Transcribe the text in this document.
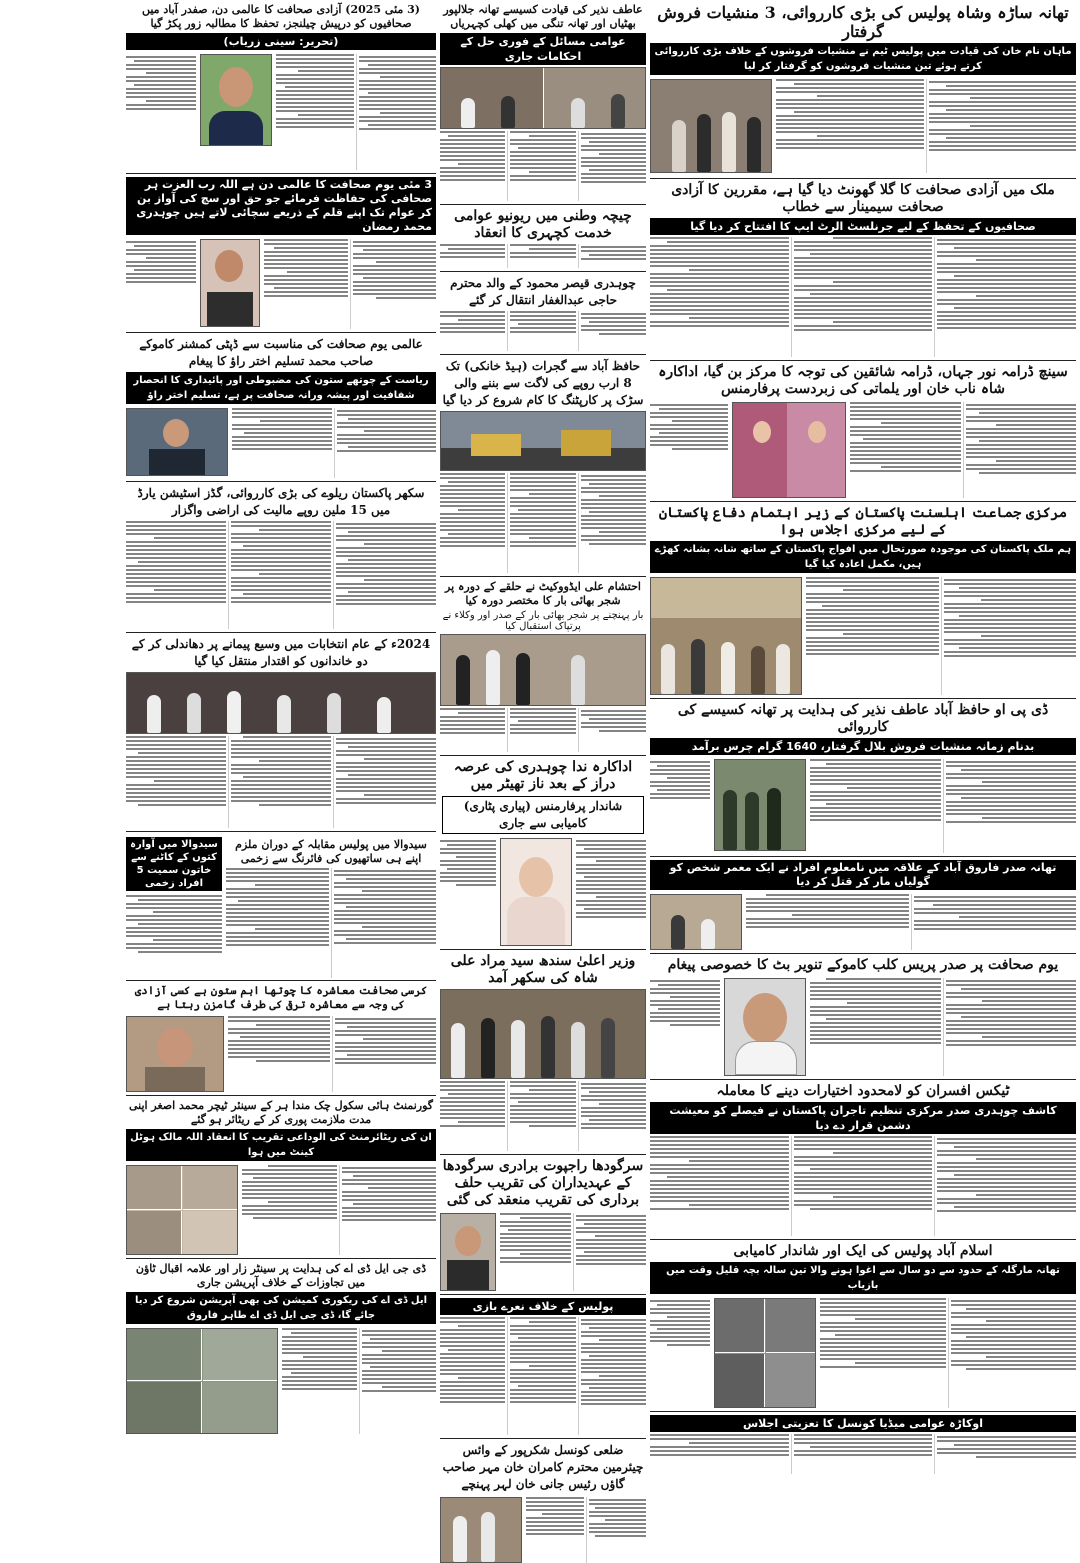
تھانہ ساڑہ وشاہ پولیس کی بڑی کارروائی، 3 منشیات فروش گرفتار
ماہان نام خان کی قیادت میں پولیس ٹیم نے منشیات فروشوں کے خلاف بڑی کارروائی کرتے ہوئے تین منشیات فروشوں کو گرفتار کر لیا
ملک میں آزادی صحافت کا گلا گھونٹ دیا گیا ہے، مقررین کا آزادی صحافت سیمینار سے خطاب
صحافیوں کے تحفظ کے لیے جرنلسٹ الرٹ ایپ کا افتتاح کر دیا گیا
سینچ ڈرامہ نور جہاں، ڈرامہ شائقین کی توجہ کا مرکز بن گیا، اداکارہ شاہ ناب خان اور یلماتی کی زبردست پرفارمنس
مرکزی جماعت اہلسنت پاکستان کے زیر اہتمام دفاع پاکستان کے لیے مرکزی اجلاس ہوا
ہم ملک پاکستان کی موجودہ صورتحال میں افواج پاکستان کے ساتھ شانہ بشانہ کھڑے ہیں، مکمل اعادہ کیا گیا
ڈی پی او حافظ آباد عاطف نذیر کی ہدایت پر تھانہ کسیسے کی کارروائی
بدنام زمانہ منشیات فروش بلال گرفتار، 1640 گرام چرس برآمد
تھانہ صدر فاروق آباد کے علاقہ میں نامعلوم افراد نے ایک معمر شخص کو گولیاں مار کر قتل کر دیا
یوم صحافت پر صدر پریس کلب کاموکے تنویر بٹ کا خصوصی پیغام
ٹیکس افسران کو لامحدود اختیارات دینے کا معاملہ
کاشف چوہدری صدر مرکزی تنظیم تاجران پاکستان نے فیصلے کو معیشت دشمن قرار دے دیا
اسلام آباد پولیس کی ایک اور شاندار کامیابی
تھانہ مارگلہ کے حدود سے دو سال سے اغوا ہونے والا تین سالہ بچہ قلیل وقت میں بازیاب
اوکاڑہ عوامی میڈیا کونسل کا تعزیتی اجلاس
عاطف نذیر کی قیادت کسیسے تھانہ جلالپور بھٹیاں اور تھانہ تنگی میں کھلی کچہریاں
عوامی مسائل کے فوری حل کے احکامات جاری
چیچہ وطنی میں ریونیو عوامی خدمت کچہری کا انعقاد
چوہدری قیصر محمود کے والد محترم حاجی عبدالغفار انتقال کر گئے
حافظ آباد سے گجرات (ہیڈ خانکی) تک 8 ارب روپے کی لاگت سے بننے والی سڑک پر کارپٹنگ کا کام شروع کر دیا گیا
احتشام علی ایڈووکیٹ نے حلقے کے دورہ پر شجر بھائی بار کا مختصر دورہ کیا
بار پہنچنے پر شجر بھائی بار کے صدر اور وکلاء نے پرتپاک استقبال کیا
اداکارہ ندا چوہدری کی عرصہ دراز کے بعد ناز تھیٹر میں
شاندار پرفارمنس (پیاری پٹاری) کامیابی سے جاری
وزیر اعلیٰ سندھ سید مراد علی شاہ کی سکھر آمد
سرگودھا راجپوت برادری سرگودھا کے عہدیداران کی تقریب حلف برداری کی تقریب منعقد کی گئی
پولیس کے خلاف نعرے بازی
ضلعی کونسل شکرپور کے وائس چیئرمین محترم کامران خان مہر صاحب گاؤں رئیس جانی خان لہر پہنچے
(3 مئی 2025) آزادی صحافت کا عالمی دن، صفدر آباد میں صحافیوں کو درپیش چیلنجز، تحفظ کا مطالبہ زور پکڑ گیا
(تحریر: سینی زریاب)
3 مئی یوم صحافت کا عالمی دن ہے اللہ رب العزت ہر صحافی کی حفاظت فرمائے جو حق اور سچ کی آواز بن کر عوام تک اپنے قلم کے ذریعے سچائی لاتے ہیں چوہدری محمد رمضان
عالمی یوم صحافت کی مناسبت سے ڈپٹی کمشنر کاموکے صاحب محمد تسلیم اختر راؤ کا پیغام
ریاست کے چوتھے ستون کی مضبوطی اور پائیداری کا انحصار شفافیت اور پیشہ ورانہ صحافت پر ہے، تسلیم اختر راؤ
سکھر پاکستان ریلوے کی بڑی کارروائی، گڈز اسٹیشن یارڈ میں 15 ملین روپے مالیت کی اراضی واگزار
2024ء کے عام انتخابات میں وسیع پیمانے پر دھاندلی کر کے دو خاندانوں کو اقتدار منتقل کیا گیا
سیدوالا میں پولیس مقابلہ کے دوران ملزم اپنے ہی ساتھیوں کی فائرنگ سے زخمی
سیدوالا میں آوارہ کتوں کے کاٹنے سے خاتون سمیت 5 افراد زخمی
کرسی صحافت معاشرہ کا چوتھا اہم ستون ہے کسی آزادی کی وجہ سے معاشرہ ترقی کی طرف گامزن رہتا ہے
گورنمنٹ ہائی سکول چک مندا ہر کے سینئر ٹیچر محمد اصغر اپنی مدت ملازمت پوری کر کے ریٹائر ہو گئے
ان کی ریٹائرمنٹ کی الوداعی تقریب کا انعقاد اللہ مالک ہوٹل کینٹ میں ہوا
ڈی جی ایل ڈی اے کی ہدایت پر سینٹر زار اور علامہ اقبال ٹاؤن میں تجاوزات کے خلاف آپریشن جاری
ایل ڈی اے کی ریکوری کمیشن کی بھی آپریشن شروع کر دیا جائے گا، ڈی جی ایل ڈی اے طاہر فاروق
